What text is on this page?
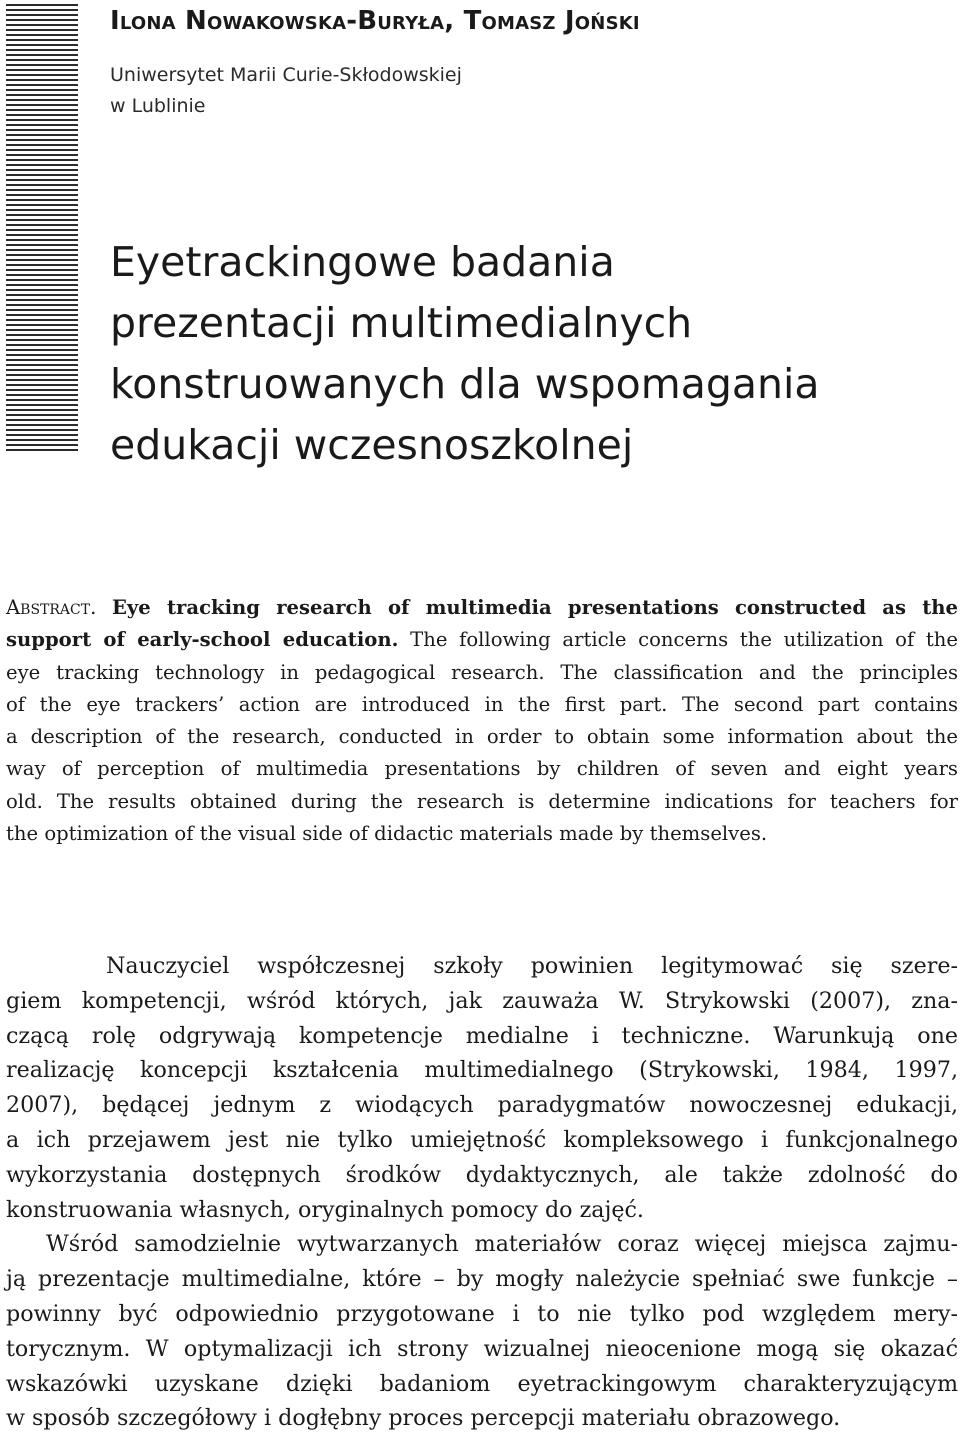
Ilona Nowakowska-Buryła, Tomasz Joński
Uniwersytet Marii Curie-Skłodowskiej
w Lublinie
Eyetrackingowe badania
prezentacji multimedialnych
konstruowanych dla wspomagania
edukacji wczesnoszkolnej
Abstract. Eye tracking research of multimedia presentations constructed as the
support of early-school education. The following article concerns the utilization of the
eye tracking technology in pedagogical research. The classification and the principles
of the eye trackers’ action are introduced in the first part. The second part contains
a description of the research, conducted in order to obtain some information about the
way of perception of multimedia presentations by children of seven and eight years
old. The results obtained during the research is determine indications for teachers for
the optimization of the visual side of didactic materials made by themselves.
Nauczyciel współczesnej szkoły powinien legitymować się szere-
giem kompetencji, wśród których, jak zauważa W. Strykowski (2007), zna-
czącą rolę odgrywają kompetencje medialne i techniczne. Warunkują one
realizację koncepcji kształcenia multimedialnego (Strykowski, 1984, 1997,
2007), będącej jednym z wiodących paradygmatów nowoczesnej edukacji,
a ich przejawem jest nie tylko umiejętność kompleksowego i funkcjonalnego
wykorzystania dostępnych środków dydaktycznych, ale także zdolność do
konstruowania własnych, oryginalnych pomocy do zajęć.
Wśród samodzielnie wytwarzanych materiałów coraz więcej miejsca zajmu-
ją prezentacje multimedialne, które – by mogły należycie spełniać swe funkcje –
powinny być odpowiednio przygotowane i to nie tylko pod względem mery-
torycznym. W optymalizacji ich strony wizualnej nieocenione mogą się okazać
wskazówki uzyskane dzięki badaniom eyetrackingowym charakteryzującym
w sposób szczegółowy i dogłębny proces percepcji materiału obrazowego.
